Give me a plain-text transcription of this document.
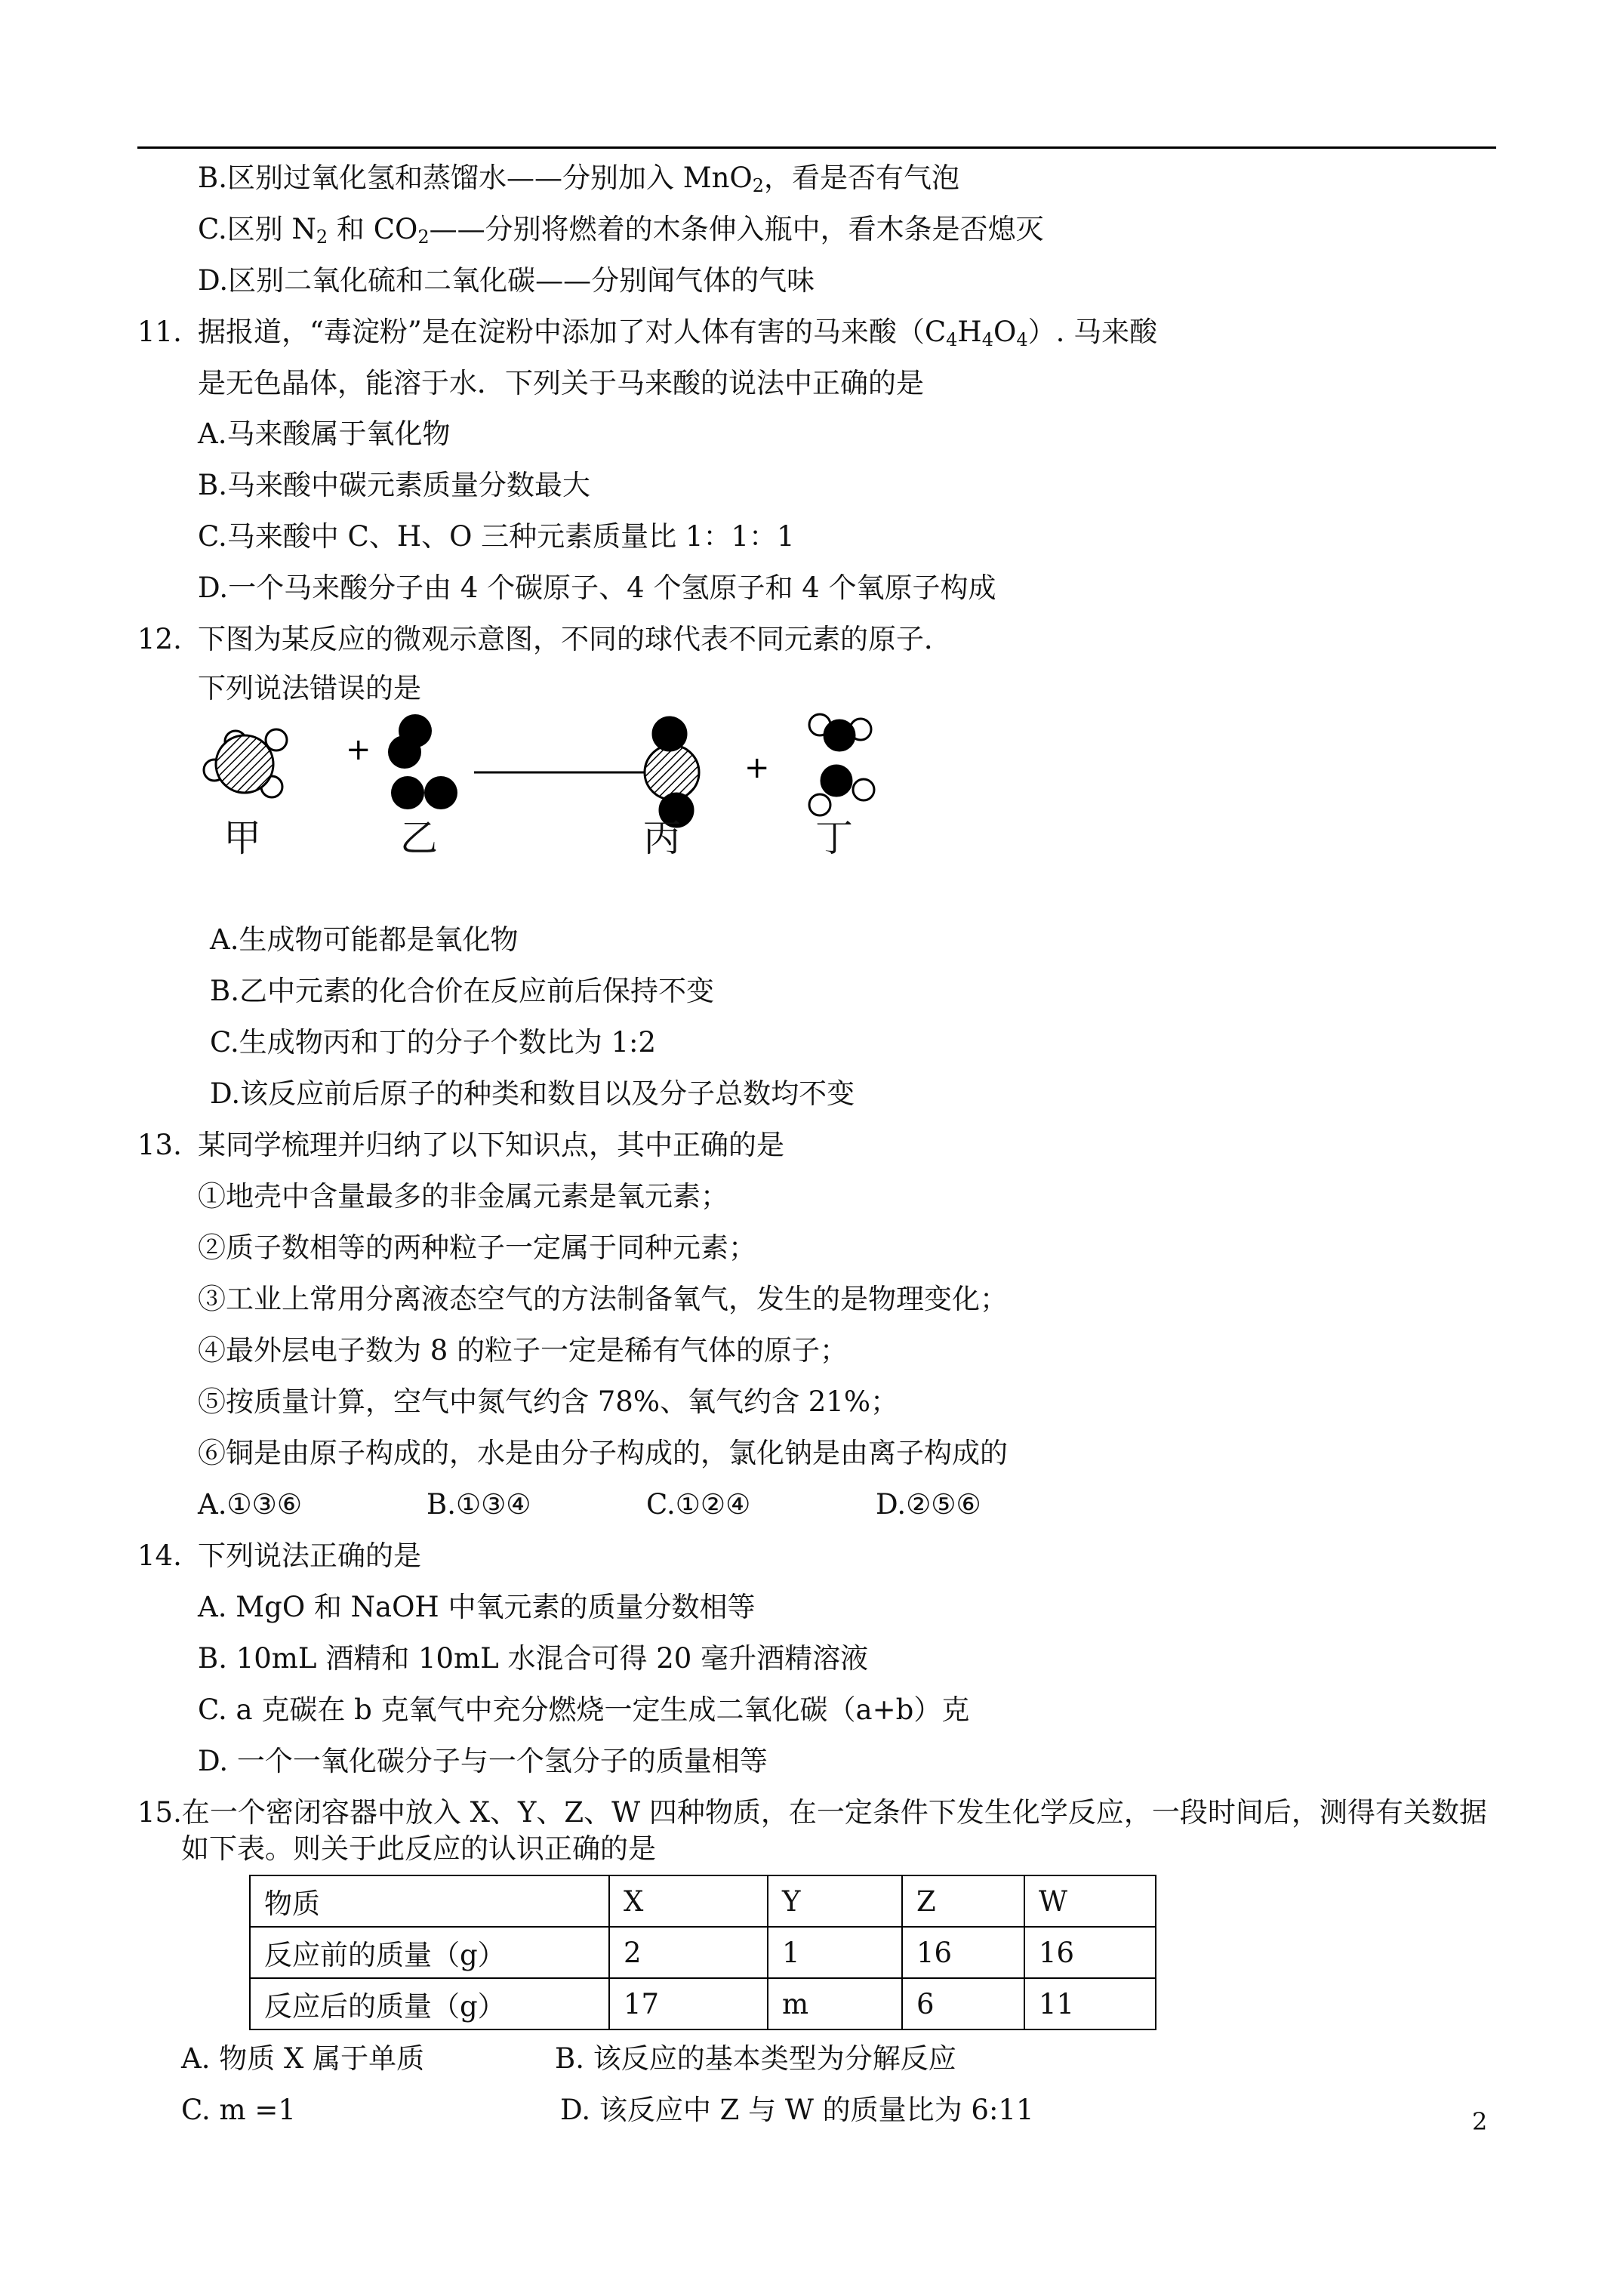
B.区别过氧化氢和蒸馏水——分别加入 MnO$_2$，看是否有气泡
C.区别 $N_2$ 和 $CO_2——$分别将燃着的木条伸入瓶中，看木条是否熄灭
D.区别二氧化硫和二氧化碳——分别闻气体的气味
11. 据报道，“毒淀粉”是在淀粉中添加了对人体有害的马来酸$(C_4H_4O_4)$. 马来酸
是无色晶体，能溶于水．下列关于马来酸的说法中正确的是
A.马来酸属于氧化物
B.马来酸中碳元素质量分数最大
C.马来酸中 C、H、O 三种元素质量比 1：1：1
D.一个马来酸分子由 4 个碳原子、4 个氢原子和 4 个氧原子构成
12. 下图为某反应的微观示意图，不同的球代表不同元素的原子．
下列说法错误的是
+
+
甲	乙	丙	丁
A.生成物可能都是氧化物
B.乙中元素的化合价在反应前后保持不变
C.生成物丙和丁的分子个数比为 1:2
D.该反应前后原子的种类和数目以及分子总数均不变
13. 某同学梳理并归纳了以下知识点，其中正确的是
①地壳中含量最多的非金属元素是氧元素；
②质子数相等的两种粒子一定属于同种元素；
③工业上常用分离液态空气的方法制备氧气，发生的是物理变化；
④最外层电子数为 8 的粒子一定是稀有气体的原子；
⑤按质量计算，空气中氮气约含 78%、氧气约含 21%；
⑥铜是由原子构成的，水是由分子构成的，氯化钠是由离子构成的
A.①③⑥	B.①③④	C.①②④	D.②⑤⑥
14. 下列说法正确的是
A. MgO 和 NaOH 中氧元素的质量分数相等
B. 10mL 酒精和 10mL 水混合可得 20 毫升酒精溶液
C. a 克碳在 b 克氧气中充分燃烧一定生成二氧化碳（a+b）克
D. 一个一氧化碳分子与一个氢分子的质量相等
15.在一个密闭容器中放入 X、Y、Z、W 四种物质，在一定条件下发生化学反应，一段时间后，测得有关数据
如下表。则关于此反应的认识正确的是
物质	X	Y	Z	W
反应前的质量（g）	2	1	16	16
反应后的质量（g）	17	m	6	11
A. 物质 X 属于单质	B. 该反应的基本类型为分解反应
C. m =1	D. 该反应中 Z 与 W 的质量比为 6:11	2
